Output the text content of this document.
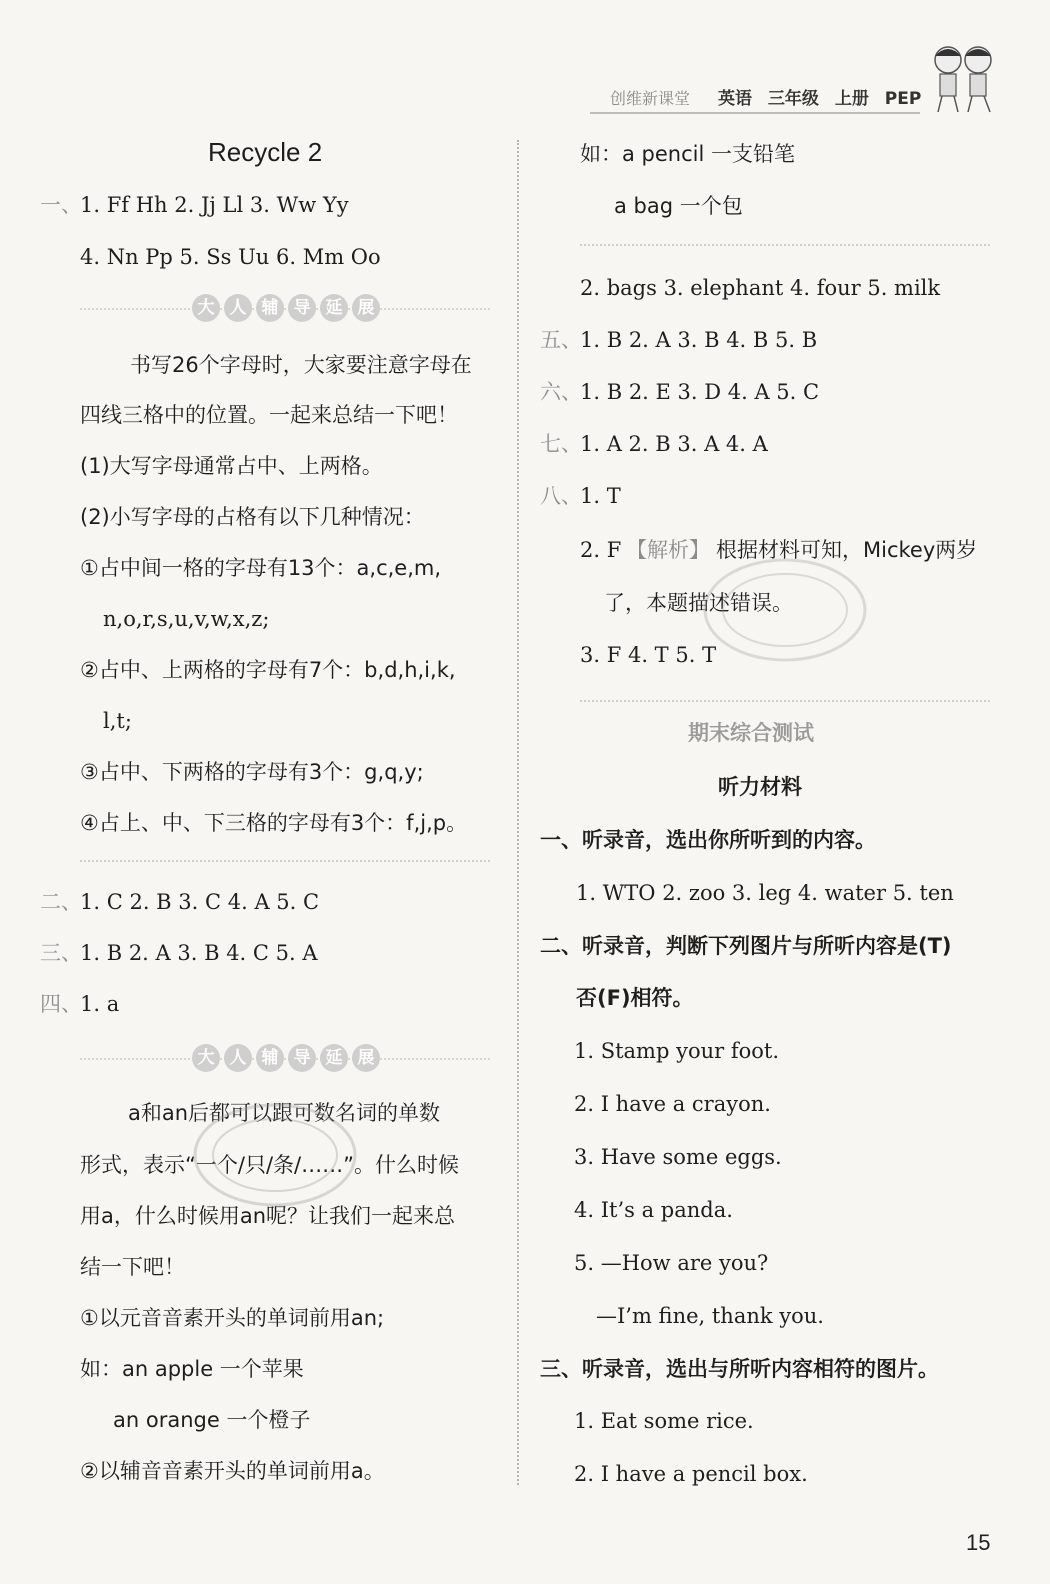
创维新课堂 英语 三年级 上册 PEP
Recycle 2
一、
1. Ff Hh 2. Jj Ll 3. Ww Yy
4. Nn Pp 5. Ss Uu 6. Mm Oo
大 人 辅 导 延 展
书写26个字母时，大家要注意字母在
四线三格中的位置。一起来总结一下吧！
(1)大写字母通常占中、上两格。
(2)小写字母的占格有以下几种情况：
①占中间一格的字母有13个：a,c,e,m,
n,o,r,s,u,v,w,x,z;
②占中、上两格的字母有7个：b,d,h,i,k,
l,t;
③占中、下两格的字母有3个：g,q,y;
④占上、中、下三格的字母有3个：f,j,p。
二、
1. C 2. B 3. C 4. A 5. C
三、
1. B 2. A 3. B 4. C 5. A
四、
1. a
大 人 辅 导 延 展
a和an后都可以跟可数名词的单数
形式，表示“一个/只/条/……”。什么时候
用a，什么时候用an呢？让我们一起来总
结一下吧！
①以元音音素开头的单词前用an;
如：an apple 一个苹果
an orange 一个橙子
②以辅音音素开头的单词前用a。
如：a pencil 一支铅笔
a bag 一个包
2. bags 3. elephant 4. four 5. milk
五、
1. B 2. A 3. B 4. B 5. B
六、
1. B 2. E 3. D 4. A 5. C
七、
1. A 2. B 3. A 4. A
八、
1. T
2. F 【解析】 根据材料可知，Mickey两岁
了，本题描述错误。
3. F 4. T 5. T
期末综合测试
听力材料
一、听录音，选出你所听到的内容。
1. WTO 2. zoo 3. leg 4. water 5. ten
二、听录音，判断下列图片与所听内容是(T)
否(F)相符。
1. Stamp your foot.
2. I have a crayon.
3. Have some eggs.
4. It’s a panda.
5. —How are you?
—I’m fine, thank you.
三、听录音，选出与所听内容相符的图片。
1. Eat some rice.
2. I have a pencil box.
15
